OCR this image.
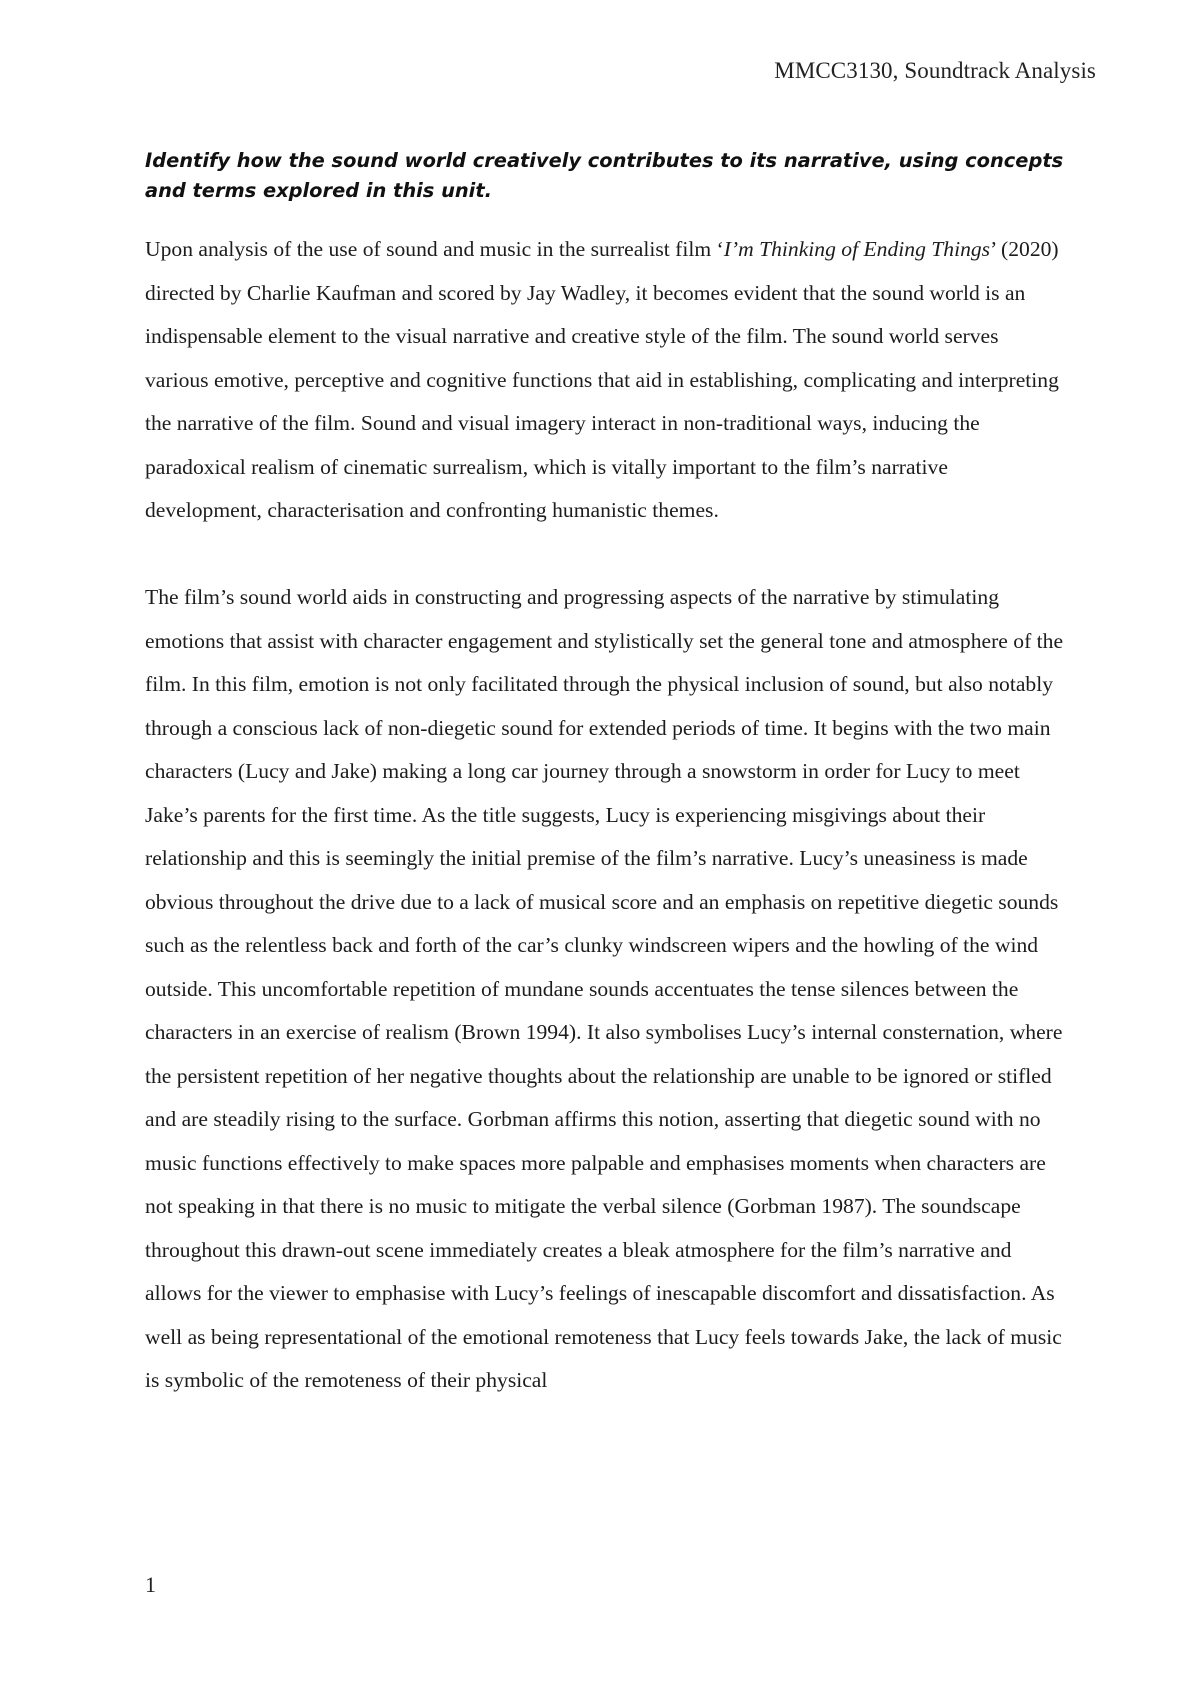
MMCC3130, Soundtrack Analysis

Identify how the sound world creatively contributes to its narrative, using concepts and terms explored in this unit.

Upon analysis of the use of sound and music in the surrealist film ‘I’m Thinking of Ending Things’ (2020) directed by Charlie Kaufman and scored by Jay Wadley, it becomes evident that the sound world is an indispensable element to the visual narrative and creative style of the film. The sound world serves various emotive, perceptive and cognitive functions that aid in establishing, complicating and interpreting the narrative of the film. Sound and visual imagery interact in non-traditional ways, inducing the paradoxical realism of cinematic surrealism, which is vitally important to the film’s narrative development, characterisation and confronting humanistic themes.

The film’s sound world aids in constructing and progressing aspects of the narrative by stimulating emotions that assist with character engagement and stylistically set the general tone and atmosphere of the film. In this film, emotion is not only facilitated through the physical inclusion of sound, but also notably through a conscious lack of non-diegetic sound for extended periods of time. It begins with the two main characters (Lucy and Jake) making a long car journey through a snowstorm in order for Lucy to meet Jake’s parents for the first time. As the title suggests, Lucy is experiencing misgivings about their relationship and this is seemingly the initial premise of the film’s narrative. Lucy’s uneasiness is made obvious throughout the drive due to a lack of musical score and an emphasis on repetitive diegetic sounds such as the relentless back and forth of the car’s clunky windscreen wipers and the howling of the wind outside. This uncomfortable repetition of mundane sounds accentuates the tense silences between the characters in an exercise of realism (Brown 1994). It also symbolises Lucy’s internal consternation, where the persistent repetition of her negative thoughts about the relationship are unable to be ignored or stifled and are steadily rising to the surface. Gorbman affirms this notion, asserting that diegetic sound with no music functions effectively to make spaces more palpable and emphasises moments when characters are not speaking in that there is no music to mitigate the verbal silence (Gorbman 1987). The soundscape throughout this drawn-out scene immediately creates a bleak atmosphere for the film’s narrative and allows for the viewer to emphasise with Lucy’s feelings of inescapable discomfort and dissatisfaction. As well as being representational of the emotional remoteness that Lucy feels towards Jake, the lack of music is symbolic of the remoteness of their physical

1
